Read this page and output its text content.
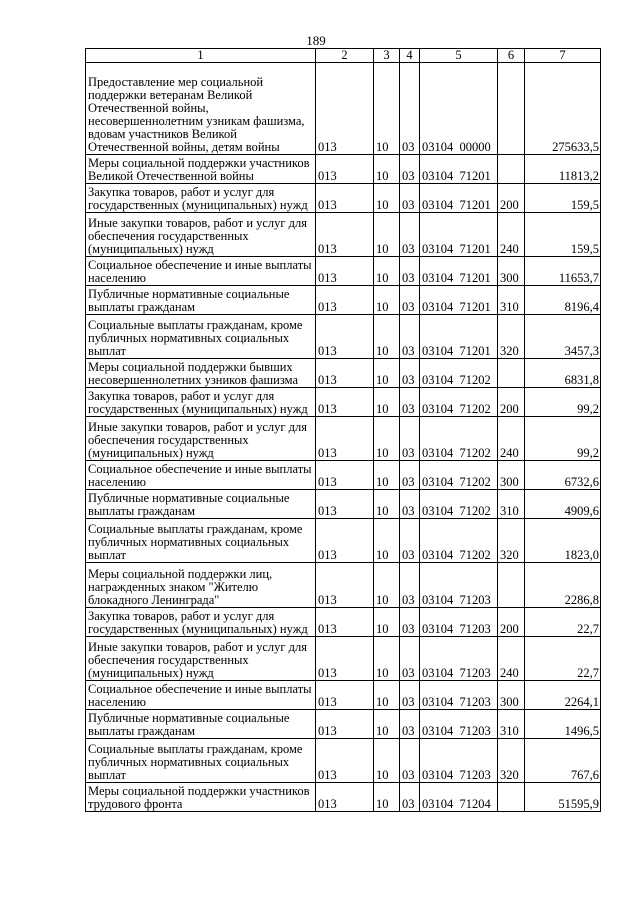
189
1	2	3	4	5	6	7
Предоставление мер социальной поддержки ветеранам Великой Отечественной войны, несовершеннолетним узникам фашизма, вдовам участников Великой Отечественной войны, детям войны	013	10	03	03104  00000		275633,5
Меры социальной поддержки участников Великой Отечественной войны	013	10	03	03104  71201		11813,2
Закупка товаров, работ и услуг для государственных (муниципальных) нужд	013	10	03	03104  71201	200	159,5
Иные закупки товаров, работ и услуг для обеспечения государственных (муниципальных) нужд	013	10	03	03104  71201	240	159,5
Социальное обеспечение и иные выплаты населению	013	10	03	03104  71201	300	11653,7
Публичные нормативные социальные выплаты гражданам	013	10	03	03104  71201	310	8196,4
Социальные выплаты гражданам, кроме публичных нормативных социальных выплат	013	10	03	03104  71201	320	3457,3
Меры социальной поддержки бывших несовершеннолетних узников фашизма	013	10	03	03104  71202		6831,8
Закупка товаров, работ и услуг для государственных (муниципальных) нужд	013	10	03	03104  71202	200	99,2
Иные закупки товаров, работ и услуг для обеспечения государственных (муниципальных) нужд	013	10	03	03104  71202	240	99,2
Социальное обеспечение и иные выплаты населению	013	10	03	03104  71202	300	6732,6
Публичные нормативные социальные выплаты гражданам	013	10	03	03104  71202	310	4909,6
Социальные выплаты гражданам, кроме публичных нормативных социальных выплат	013	10	03	03104  71202	320	1823,0
Меры социальной поддержки лиц, награжденных знаком "Жителю блокадного Ленинграда"	013	10	03	03104  71203		2286,8
Закупка товаров, работ и услуг для государственных (муниципальных) нужд	013	10	03	03104  71203	200	22,7
Иные закупки товаров, работ и услуг для обеспечения государственных (муниципальных) нужд	013	10	03	03104  71203	240	22,7
Социальное обеспечение и иные выплаты населению	013	10	03	03104  71203	300	2264,1
Публичные нормативные социальные выплаты гражданам	013	10	03	03104  71203	310	1496,5
Социальные выплаты гражданам, кроме публичных нормативных социальных выплат	013	10	03	03104  71203	320	767,6
Меры социальной поддержки участников трудового фронта	013	10	03	03104  71204		51595,9
